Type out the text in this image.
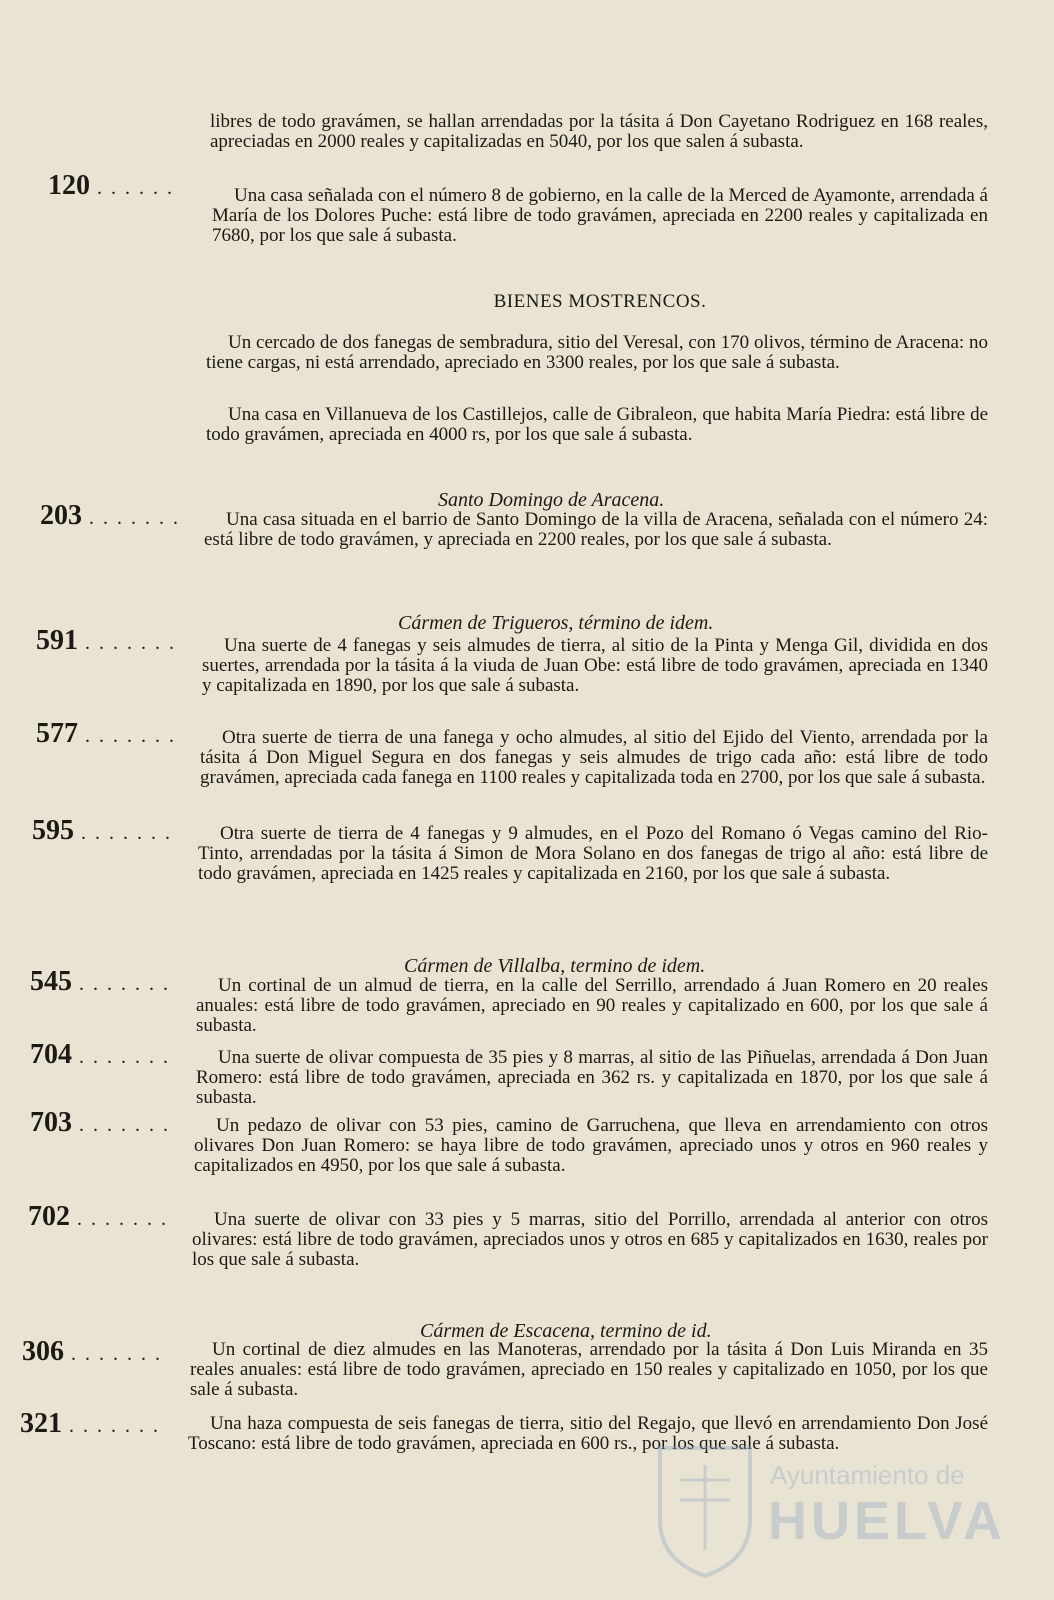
libres de todo gravámen, se hallan arrendadas por la tásita á Don Cayetano Rodriguez en 168 reales, apreciadas en 2000 reales y capitalizadas en 5040, por los que salen á subasta.
120 . . . . . .	Una casa señalada con el número 8 de gobierno, en la calle de la Merced de Ayamonte, arrendada á María de los Dolores Puche: está libre de todo gravámen, apreciada en 2200 reales y capitalizada en 7680, por los que sale á subasta.
BIENES MOSTRENCOS.
Un cercado de dos fanegas de sembradura, sitio del Veresal, con 170 olivos, término de Aracena: no tiene cargas, ni está arrendado, apreciado en 3300 reales, por los que sale á subasta.
Una casa en Villanueva de los Castillejos, calle de Gibraleon, que habita María Piedra: está libre de todo gravámen, apreciada en 4000 rs, por los que sale á subasta.
Santo Domingo de Aracena.
203 . . . . . . .	Una casa situada en el barrio de Santo Domingo de la villa de Aracena, señalada con el número 24: está libre de todo gravámen, y apreciada en 2200 reales, por los que sale á subasta.
Cármen de Trigueros, término de idem.
591 . . . . . . .	Una suerte de 4 fanegas y seis almudes de tierra, al sitio de la Pinta y Menga Gil, dividida en dos suertes, arrendada por la tásita á la viuda de Juan Obe: está libre de todo gravámen, apreciada en 1340 y capitalizada en 1890, por los que sale á subasta.
577 . . . . . . .	Otra suerte de tierra de una fanega y ocho almudes, al sitio del Ejido del Viento, arrendada por la tásita á Don Miguel Segura en dos fanegas y seis almudes de trigo cada año: está libre de todo gravámen, apreciada cada fanega en 1100 reales y capitalizada toda en 2700, por los que sale á subasta.
595 . . . . . . .	Otra suerte de tierra de 4 fanegas y 9 almudes, en el Pozo del Romano ó Vegas camino del Rio-Tinto, arrendadas por la tásita á Simon de Mora Solano en dos fanegas de trigo al año: está libre de todo gravámen, apreciada en 1425 reales y capitalizada en 2160, por los que sale á subasta.
Cármen de Villalba, termino de idem.
545 . . . . . . .	Un cortinal de un almud de tierra, en la calle del Serrillo, arrendado á Juan Romero en 20 reales anuales: está libre de todo gravámen, apreciado en 90 reales y capitalizado en 600, por los que sale á subasta.
704 . . . . . . .	Una suerte de olivar compuesta de 35 pies y 8 marras, al sitio de las Piñuelas, arrendada á Don Juan Romero: está libre de todo gravámen, apreciada en 362 rs. y capitalizada en 1870, por los que sale á subasta.
703 . . . . . . .	Un pedazo de olivar con 53 pies, camino de Garruchena, que lleva en arrendamiento con otros olivares Don Juan Romero: se haya libre de todo gravámen, apreciado unos y otros en 960 reales y capitalizados en 4950, por los que sale á subasta.
702 . . . . . . .	Una suerte de olivar con 33 pies y 5 marras, sitio del Porrillo, arrendada al anterior con otros olivares: está libre de todo gravámen, apreciados unos y otros en 685 y capitalizados en 1630, reales por los que sale á subasta.
Cármen de Escacena, termino de id.
306 . . . . . . .	Un cortinal de diez almudes en las Manoteras, arrendado por la tásita á Don Luis Miranda en 35 reales anuales: está libre de todo gravámen, apreciado en 150 reales y capitalizado en 1050, por los que sale á subasta.
321 . . . . . . .	Una haza compuesta de seis fanegas de tierra, sitio del Regajo, que llevó en arrendamiento Don José Toscano: está libre de todo gravámen, apreciada en 600 rs., por los que sale á subasta.
Ayuntamiento de
HUELVA
